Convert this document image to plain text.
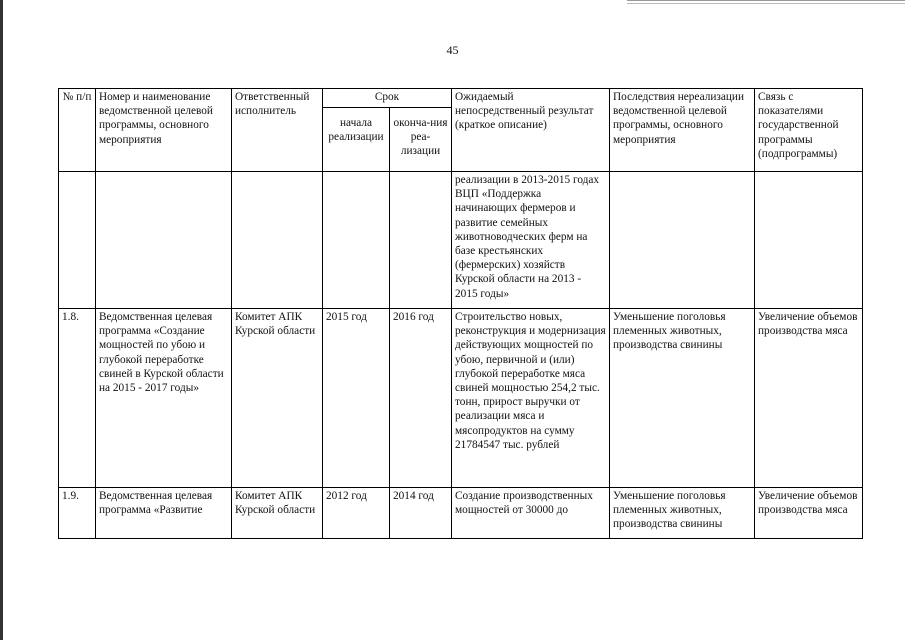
45
№ п/п	Номер и наименование ведомственной целевой программы, основного мероприятия	Ответственный исполнитель	Срок		Ожидаемый непосредственный результат (краткое описание)	Последствия нереализации ведомственной целевой программы, основного мероприятия	Связь с показателями государственной программы (подпрограммы)
			начала реализации	оконча-ния реа-лизации			
					реализации в 2013-2015 годах ВЦП «Поддержка начинающих фермеров и развитие семейных животноводческих ферм на базе крестьянских (фермерских) хозяйств Курской области на 2013 - 2015 годы»		
1.8.	Ведомственная целевая программа «Создание мощностей по убою и глубокой переработке свиней в Курской области на 2015 - 2017 годы»	Комитет АПК Курской области	2015 год	2016 год	Строительство новых, реконструкция и модернизация действующих мощностей по убою, первичной и (или) глубокой переработке мяса свиней мощностью 254,2 тыс. тонн, прирост выручки от реализации мяса и мясопродуктов на сумму 21784547 тыс. рублей	Уменьшение поголовья племенных животных, производства свинины	Увеличение объемов производства мяса
1.9.	Ведомственная целевая программа «Развитие	Комитет АПК Курской области	2012 год	2014 год	Создание производственных мощностей от 30000 до	Уменьшение поголовья племенных животных, производства свинины	Увеличение объемов производства мяса
